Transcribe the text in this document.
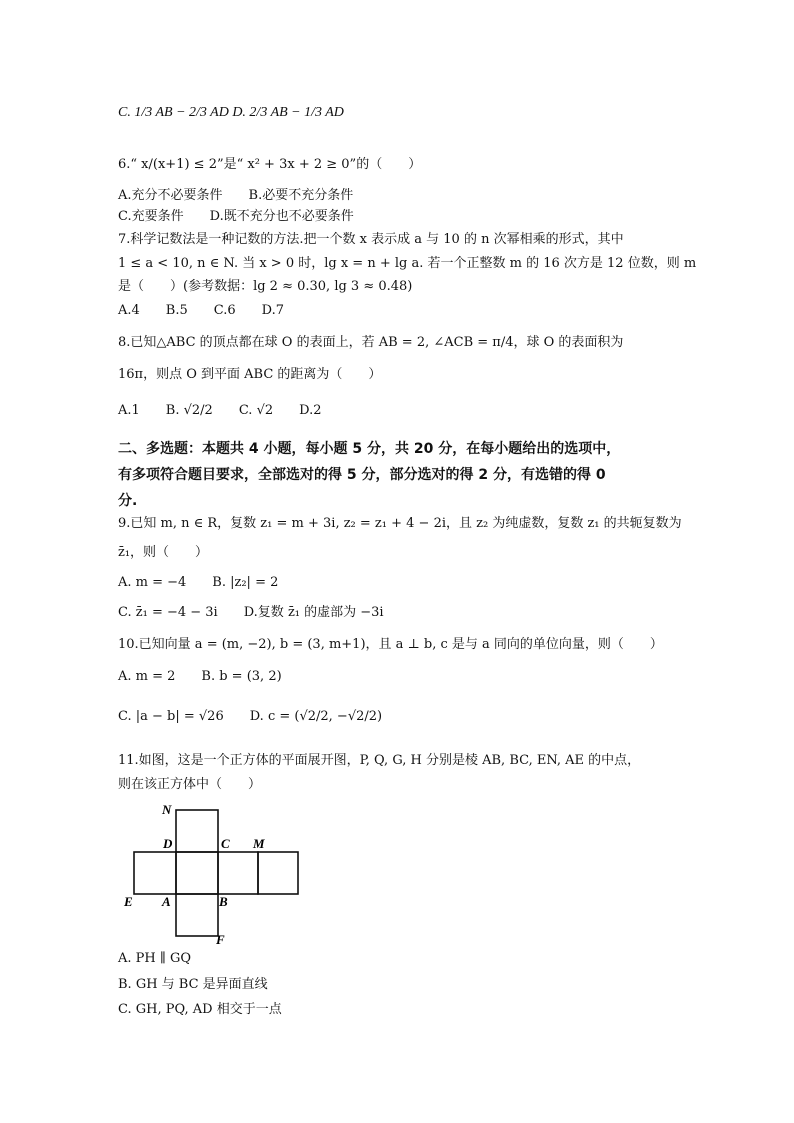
C. 1/3 AB − 2/3 AD D. 2/3 AB − 1/3 AD
6.“ x/(x+1) ≤ 2”是“ x² + 3x + 2 ≥ 0”的（　　）
A.充分不必要条件　　B.必要不充分条件
C.充要条件　　D.既不充分也不必要条件
7.科学记数法是一种记数的方法.把一个数 x 表示成 a 与 10 的 n 次幂相乘的形式，其中
1 ≤ a < 10, n ∈ N. 当 x > 0 时，lg x = n + lg a. 若一个正整数 m 的 16 次方是 12 位数，则 m
是（　　）(参考数据：lg 2 ≈ 0.30, lg 3 ≈ 0.48)
A.4　　B.5　　C.6　　D.7
8.已知△ABC 的顶点都在球 O 的表面上，若 AB = 2, ∠ACB = π/4，球 O 的表面积为
16π，则点 O 到平面 ABC 的距离为（　　）
A.1　　B. √2/2　　C. √2　　D.2
二、多选题：本题共 4 小题，每小题 5 分，共 20 分，在每小题给出的选项中，
有多项符合题目要求，全部选对的得 5 分，部分选对的得 2 分，有选错的得 0
分.
9.已知 m, n ∈ R，复数 z₁ = m + 3i, z₂ = z₁ + 4 − 2i，且 z₂ 为纯虚数，复数 z₁ 的共轭复数为
z̄₁，则（　　）
A. m = −4　　B. |z₂| = 2
C. z̄₁ = −4 − 3i　　D.复数 z̄₁ 的虚部为 −3i
10.已知向量 a = (m, −2), b = (3, m+1)，且 a ⊥ b, c 是与 a 同向的单位向量，则（　　）
A. m = 2　　B. b = (3, 2)
C. |a − b| = √26　　D. c = (√2/2, −√2/2)
11.如图，这是一个正方体的平面展开图，P, Q, G, H 分别是棱 AB, BC, EN, AE 的中点，
则在该正方体中（　　）
N
D	C M
E A	B
F
A. PH ∥ GQ
B. GH 与 BC 是异面直线
C. GH, PQ, AD 相交于一点
